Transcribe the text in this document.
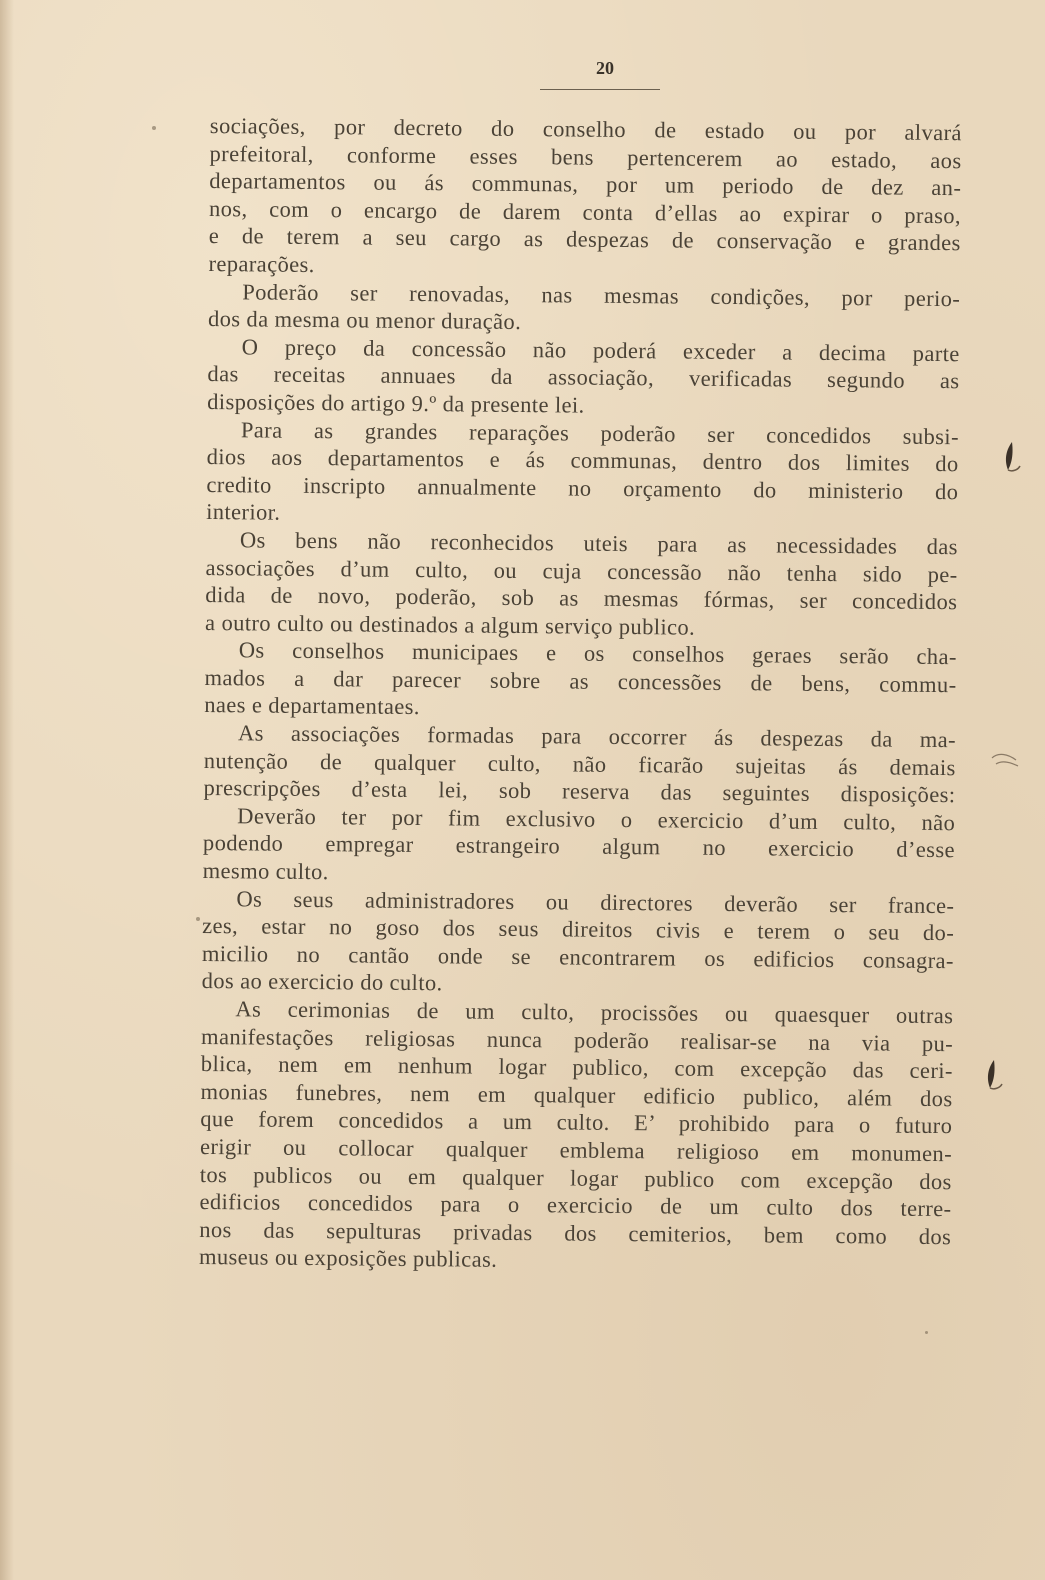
20
sociações, por decreto do conselho de estado ou por alvará
prefeitoral, conforme esses bens pertencerem ao estado, aos
departamentos ou ás communas, por um periodo de dez an-
nos, com o encargo de darem conta d’ellas ao expirar o praso,
e de terem a seu cargo as despezas de conservação e grandes
reparações.
Poderão ser renovadas, nas mesmas condições, por perio-
dos da mesma ou menor duração.
O preço da concessão não poderá exceder a decima parte
das receitas annuaes da associação, verificadas segundo as
disposições do artigo 9.º da presente lei.
Para as grandes reparações poderão ser concedidos subsi-
dios aos departamentos e ás communas, dentro dos limites do
credito inscripto annualmente no orçamento do ministerio do
interior.
Os bens não reconhecidos uteis para as necessidades das
associações d’um culto, ou cuja concessão não tenha sido pe-
dida de novo, poderão, sob as mesmas fórmas, ser concedidos
a outro culto ou destinados a algum serviço publico.
Os conselhos municipaes e os conselhos geraes serão cha-
mados a dar parecer sobre as concessões de bens, commu-
naes e departamentaes.
As associações formadas para occorrer ás despezas da ma-
nutenção de qualquer culto, não ficarão sujeitas ás demais
prescripções d’esta lei, sob reserva das seguintes disposições:
Deverão ter por fim exclusivo o exercicio d’um culto, não
podendo empregar estrangeiro algum no exercicio d’esse
mesmo culto.
Os seus administradores ou directores deverão ser france-
zes, estar no goso dos seus direitos civis e terem o seu do-
micilio no cantão onde se encontrarem os edificios consagra-
dos ao exercicio do culto.
As cerimonias de um culto, procissões ou quaesquer outras
manifestações religiosas nunca poderão realisar-se na via pu-
blica, nem em nenhum logar publico, com excepção das ceri-
monias funebres, nem em qualquer edificio publico, além dos
que forem concedidos a um culto. E’ prohibido para o futuro
erigir ou collocar qualquer emblema religioso em monumen-
tos publicos ou em qualquer logar publico com excepção dos
edificios concedidos para o exercicio de um culto dos terre-
nos das sepulturas privadas dos cemiterios, bem como dos
museus ou exposições publicas.
